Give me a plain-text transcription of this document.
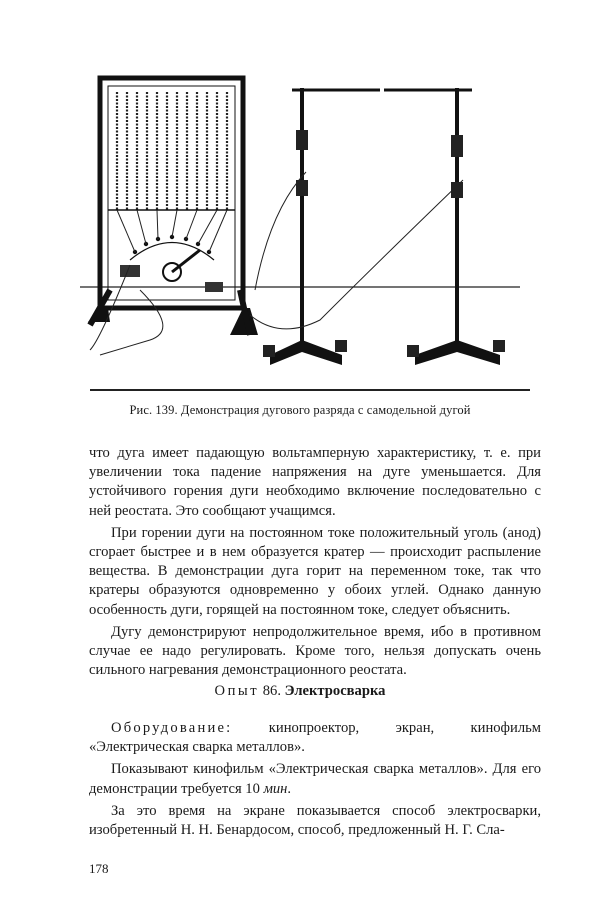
Рис. 139. Демонстрация дугового разряда с самодельной дугой

что дуга имеет падающую вольтамперную характеристику, т. е. при увеличении тока падение напряжения на дуге уменьшается. Для устойчивого горения дуги необходимо включение последовательно с ней реостата. Это сообщают учащимся.

При горении дуги на постоянном токе положительный уголь (анод) сгорает быстрее и в нем образуется кратер — происходит распыление вещества. В демонстрации дуга горит на переменном токе, так что кратеры образуются одновременно у обоих углей. Однако данную особенность дуги, горящей на постоянном токе, следует объяснить.

Дугу демонстрируют непродолжительное время, ибо в противном случае ее надо регулировать. Кроме того, нельзя допускать очень сильного нагревания демонстрационного реостата.

Опыт 86. Электросварка

Оборудование: кинопроектор, экран, кинофильм «Электрическая сварка металлов».

Показывают кинофильм «Электрическая сварка металлов». Для его демонстрации требуется 10 мин.

За это время на экране показывается способ электросварки, изобретенный Н. Н. Бенардосом, способ, предложенный Н. Г. Сла-

178
